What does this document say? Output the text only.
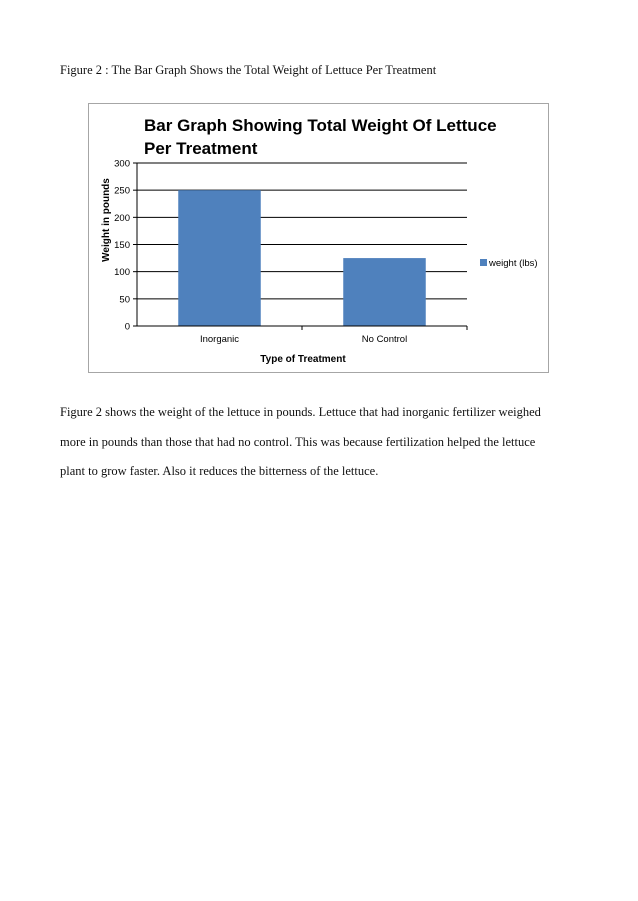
Figure 2 : The Bar Graph Shows the Total Weight of Lettuce Per Treatment
Bar Graph Showing Total Weight Of Lettuce
Per Treatment
Weight in pounds
Type of Treatment
0
50
100
150
200
250
300
Inorganic	No Control
weight (lbs)

Figure 2 shows the weight of the lettuce in pounds. Lettuce that had inorganic fertilizer weighed

more in pounds than those that had no control. This was because fertilization helped the lettuce

plant to grow faster. Also it reduces the bitterness of the lettuce.
